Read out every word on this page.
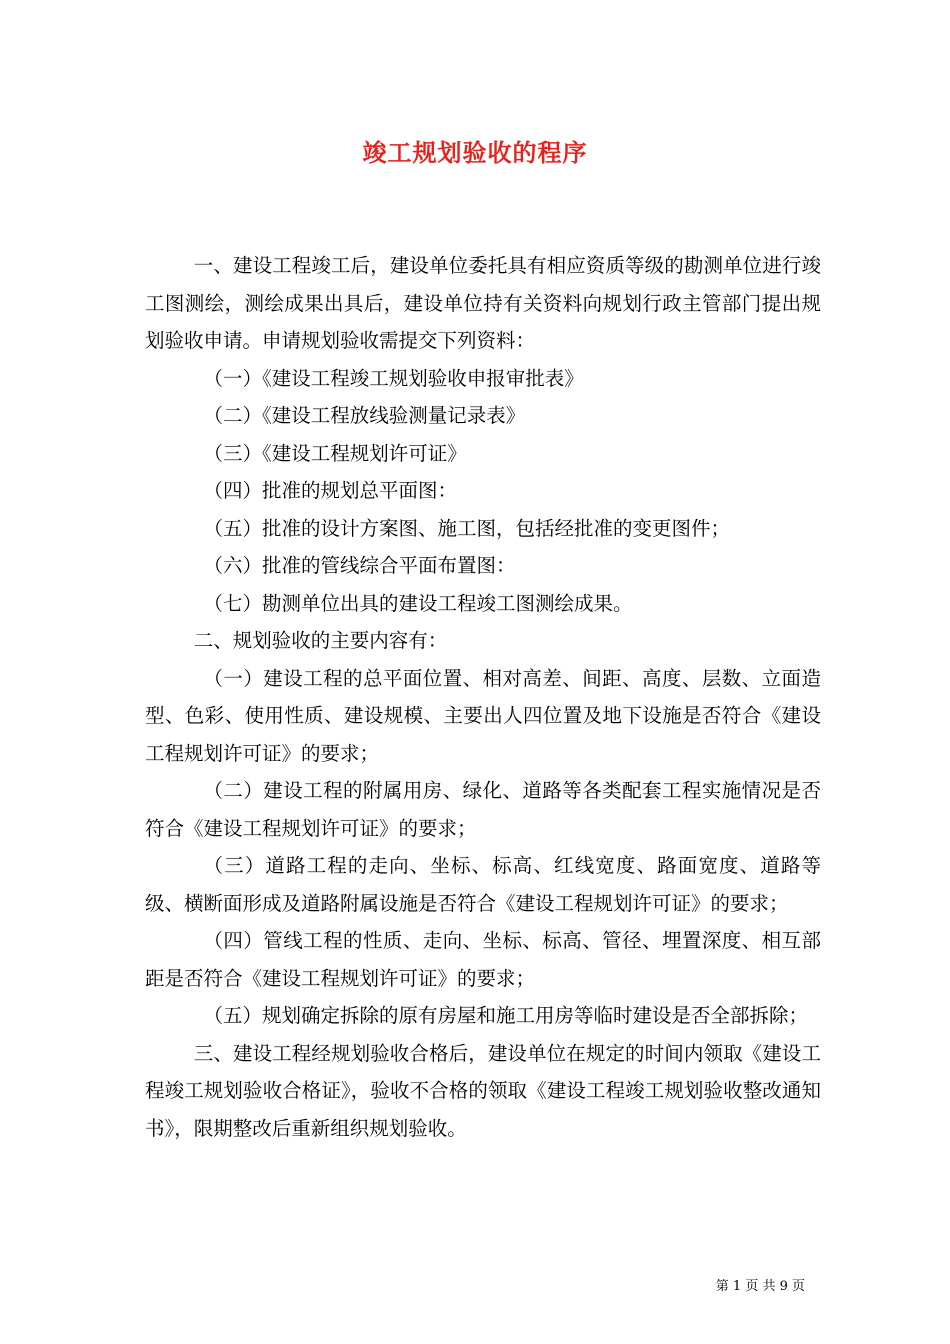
竣工规划验收的程序

一、建设工程竣工后，建设单位委托具有相应资质等级的勘测单位进行竣工图测绘，测绘成果出具后，建设单位持有关资料向规划行政主管部门提出规划验收申请。申请规划验收需提交下列资料：

（一）《建设工程竣工规划验收申报审批表》

（二）《建设工程放线验测量记录表》

（三）《建设工程规划许可证》

（四）批准的规划总平面图：

（五）批准的设计方案图、施工图，包括经批准的变更图件；

（六）批准的管线综合平面布置图：

（七）勘测单位出具的建设工程竣工图测绘成果。

二、规划验收的主要内容有：

（一）建设工程的总平面位置、相对高差、间距、高度、层数、立面造型、色彩、使用性质、建设规模、主要出人四位置及地下设施是否符合《建设工程规划许可证》的要求；

（二）建设工程的附属用房、绿化、道路等各类配套工程实施情况是否符合《建设工程规划许可证》的要求；

（三）道路工程的走向、坐标、标高、红线宽度、路面宽度、道路等级、横断面形成及道路附属设施是否符合《建设工程规划许可证》的要求；

（四）管线工程的性质、走向、坐标、标高、管径、埋置深度、相互部距是否符合《建设工程规划许可证》的要求；

（五）规划确定拆除的原有房屋和施工用房等临时建设是否全部拆除；

三、建设工程经规划验收合格后，建设单位在规定的时间内领取《建设工程竣工规划验收合格证》，验收不合格的领取《建设工程竣工规划验收整改通知书》，限期整改后重新组织规划验收。

第 1 页 共 9 页
